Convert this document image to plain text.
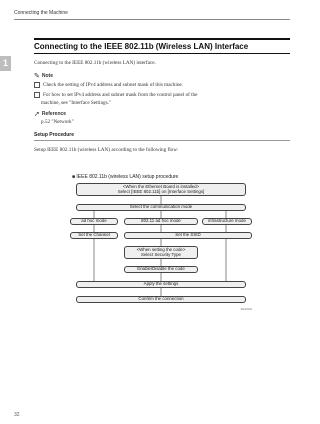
Connecting the Machine
1
Connecting to the IEEE 802.11b (Wireless LAN) Interface
Connecting to the IEEE 802.11b (wireless LAN) interface.
✎ Note
Check the setting of IPv4 address and subnet mask of this machine.
For how to set IPv4 address and subnet mask from the control panel of the
machine, see "Interface Settings."
➚ Reference
p.52 "Network"
Setup Procedure
Setup IEEE 802.11b (wireless LAN) according to the following flow:
■ IEEE 802.11b (wireless LAN) setup procedure
<When the Ethernet Board is installed>
Select [IEEE 802.11b] on [Interface Settings]
Select the communication mode
ad hoc mode	802.11 ad hoc mode	infrastructure mode
Set the Channel	Set the SSID
<When setting the code>
Select Security Type
Enable/Disable the code
Apply the settings
Confirm the connection
ZGGH011
32
